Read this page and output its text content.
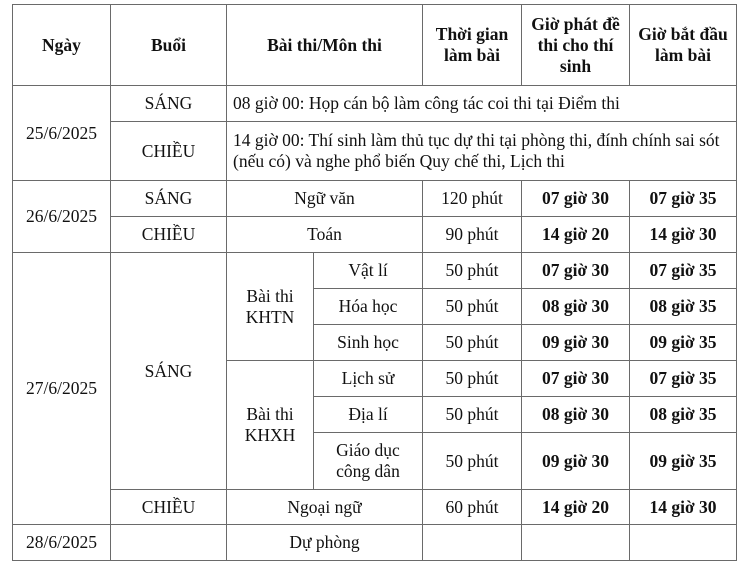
Ngày	Buổi	Bài thi/Môn thi		Thời gian làm bài	Giờ phát đề thi cho thí sinh	Giờ bắt đầu làm bài
25/6/2025	SÁNG	08 giờ 00: Họp cán bộ làm công tác coi thi tại Điểm thi				
	CHIỀU	14 giờ 00: Thí sinh làm thủ tục dự thi tại phòng thi, đính chính sai sót (nếu có) và nghe phổ biến Quy chế thi, Lịch thi				
26/6/2025	SÁNG	Ngữ văn		120 phút	07 giờ 30	07 giờ 35
	CHIỀU	Toán		90 phút	14 giờ 20	14 giờ 30
27/6/2025	SÁNG	Bài thi KHTN	Vật lí	50 phút	07 giờ 30	07 giờ 35
			Hóa học	50 phút	08 giờ 30	08 giờ 35
			Sinh học	50 phút	09 giờ 30	09 giờ 35
		Bài thi KHXH	Lịch sử	50 phút	07 giờ 30	07 giờ 35
			Địa lí	50 phút	08 giờ 30	08 giờ 35
			Giáo dục công dân	50 phút	09 giờ 30	09 giờ 35
	CHIỀU	Ngoại ngữ		60 phút	14 giờ 20	14 giờ 30
28/6/2025		Dự phòng				
